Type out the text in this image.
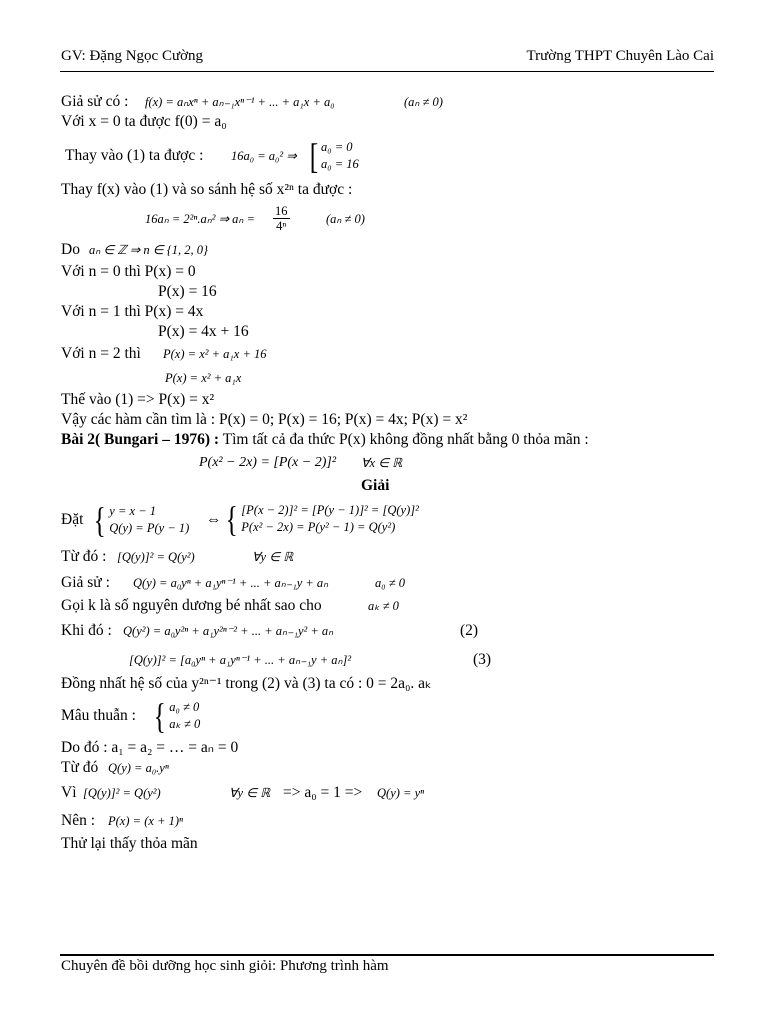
GV: Đặng Ngọc Cường	Trường THPT Chuyên Lào Cai
Giả sử có : f(x) = aₙxⁿ + aₙ₋₁xⁿ⁻¹ + ... + a₁x + a₀	(aₙ ≠ 0)
Với x = 0 ta được f(0) = a₀
Thay vào (1) ta được : 16a₀ = a₀² ⇒ [ a₀ = 0
a₀ = 16
Thay f(x) vào (1) và so sánh hệ số x²ⁿ ta được :
16aₙ = 2²ⁿ.aₙ² ⇒ $a_n = \frac{16}{\text{4ⁿ}}$	(aₙ ≠ 0)
Do aₙ ∈ ℤ ⇒ n ∈ {1, 2, 0}
Với n = 0 thì P(x) = 0
P(x) = 16
Với n = 1 thì P(x) = 4x
P(x) = 4x + 16
Với n = 2 thì P(x) = x² + a₁x + 16
P(x) = x² + a₁x
Thế vào (1) => P(x) = x²
Vậy các hàm cần tìm là : P(x) = 0; P(x) = 16; P(x) = 4x; P(x) = x²
Bài 2( Bungari – 1976) : Tìm tất cả đa thức P(x) không đồng nhất bằng 0 thỏa mãn :
P(x² − 2x) = [P(x − 2)]² ∀x ∈ ℝ
Giải
Đặt { y = x − 1
Q(y) = P(y − 1) ⇔ { [P(x − 2)]² = [P(y − 1)]² = [Q(y)]²
P(x² − 2x) = P(y² − 1) = Q(y²)
Từ đó : [Q(y)]² = Q(y²)	∀y ∈ ℝ
Giả sử : Q(y) = a₀yⁿ + a₁yⁿ⁻¹ + ... + aₙ₋₁y + aₙ	a₀ ≠ 0
Gọi k là số nguyên dương bé nhất sao cho	aₖ ≠ 0
Khi đó : Q(y²) = a₀y²ⁿ + a₁y²ⁿ⁻² + ... + aₙ₋₁y² + aₙ	(2)
[Q(y)]² = [a₀yⁿ + a₁yⁿ⁻¹ + ... + aₙ₋₁y + aₙ]²	(3)
Đồng nhất hệ số của y²ⁿ⁻¹ trong (2) và (3) ta có : 0 = 2a₀. aₖ
Mâu thuẫn : { a₀ ≠ 0
aₖ ≠ 0
Do đó : a₁ = a₂ = … = aₙ = 0
Từ đó Q(y) = a₀.yⁿ
Vì [Q(y)]² = Q(y²)	∀y ∈ ℝ => a₀ = 1 => Q(y) = yⁿ
Nên : P(x) = (x + 1)ⁿ
Thử lại thấy thỏa mãn
Chuyên đề bồi dưỡng học sinh giỏi: Phương trình hàm
